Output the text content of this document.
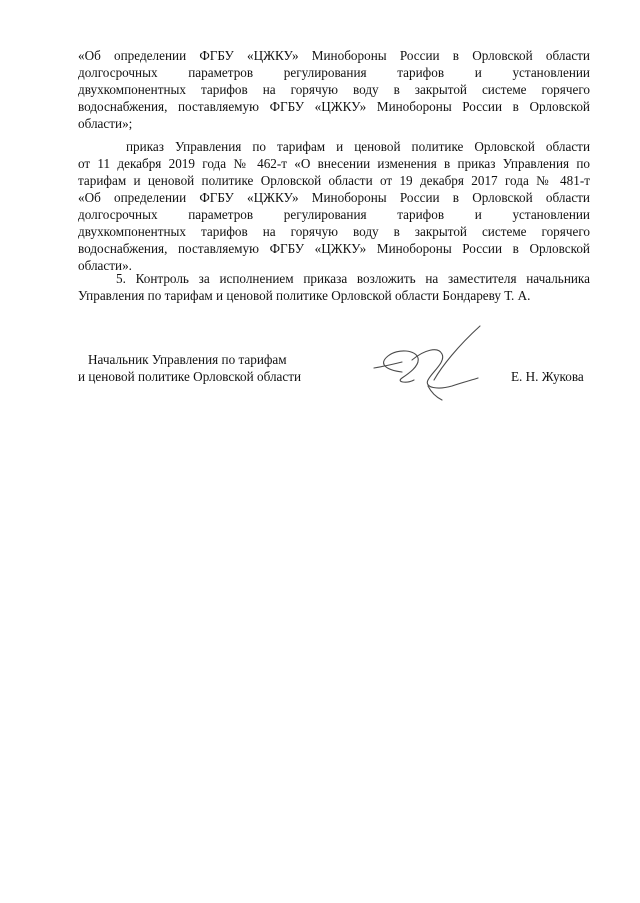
«Об определении ФГБУ «ЦЖКУ» Минобороны России в Орловской области
долгосрочных параметров регулирования тарифов и установлении
двухкомпонентных тарифов на горячую воду в закрытой системе горячего
водоснабжения, поставляемую ФГБУ «ЦЖКУ» Минобороны России в Орловской
области»;
приказ Управления по тарифам и ценовой политике Орловской области
от 11 декабря 2019 года № 462-т «О внесении изменения в приказ Управления по
тарифам и ценовой политике Орловской области от 19 декабря 2017 года № 481-т
«Об определении ФГБУ «ЦЖКУ» Минобороны России в Орловской области
долгосрочных параметров регулирования тарифов и установлении
двухкомпонентных тарифов на горячую воду в закрытой системе горячего
водоснабжения, поставляемую ФГБУ «ЦЖКУ» Минобороны России в Орловской
области».
5. Контроль за исполнением приказа возложить на заместителя начальника
Управления по тарифам и ценовой политике Орловской области Бондареву Т. А.
Начальник Управления по тарифам
и ценовой политике Орловской области	Е. Н. Жукова
